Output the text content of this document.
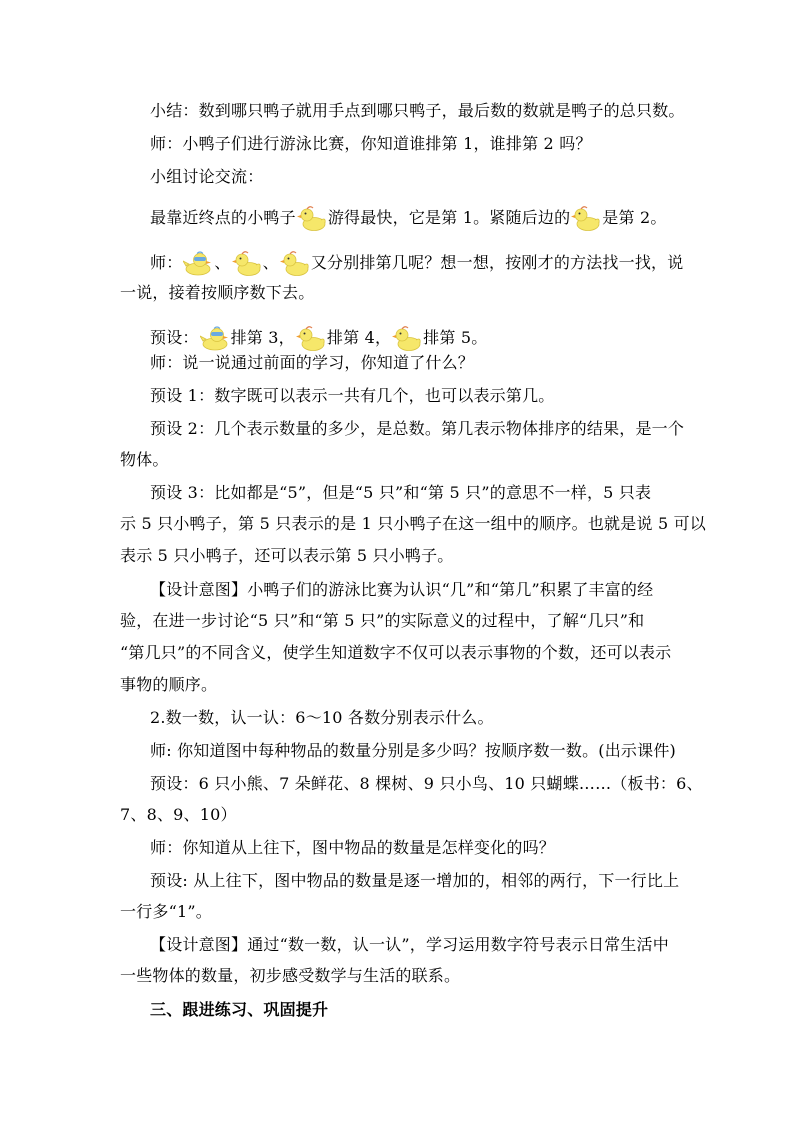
小结：数到哪只鸭子就用手点到哪只鸭子，最后数的数就是鸭子的总只数。
师：小鸭子们进行游泳比赛，你知道谁排第 1，谁排第 2 吗？
小组讨论交流：
最靠近终点的小鸭子 游得最快，它是第 1。紧随后边的 是第 2。
师： 、 、 又分别排第几呢？想一想，按刚才的方法找一找，说
一说，接着按顺序数下去。
预设： 排第 3， 排第 4， 排第 5。
师：说一说通过前面的学习，你知道了什么？
预设 1：数字既可以表示一共有几个，也可以表示第几。
预设 2：几个表示数量的多少，是总数。第几表示物体排序的结果，是一个
物体。
预设 3：比如都是“5”，但是“5 只”和“第 5 只”的意思不一样，5 只表
示 5 只小鸭子，第 5 只表示的是 1 只小鸭子在这一组中的顺序。也就是说 5 可以
表示 5 只小鸭子，还可以表示第 5 只小鸭子。
【设计意图】小鸭子们的游泳比赛为认识“几”和“第几”积累了丰富的经
验，在进一步讨论“5 只”和“第 5 只”的实际意义的过程中，了解“几只”和
“第几只”的不同含义，使学生知道数字不仅可以表示事物的个数，还可以表示
事物的顺序。
2.数一数，认一认：6～10 各数分别表示什么。
师: 你知道图中每种物品的数量分别是多少吗？按顺序数一数。(出示课件)
预设：6 只小熊、7 朵鲜花、8 棵树、9 只小鸟、10 只蝴蝶……（板书：6、
7、8、9、10）
师：你知道从上往下，图中物品的数量是怎样变化的吗？
预设: 从上往下，图中物品的数量是逐一增加的，相邻的两行，下一行比上
一行多“1”。
【设计意图】通过“数一数，认一认”，学习运用数字符号表示日常生活中
一些物体的数量，初步感受数学与生活的联系。
三、跟进练习、巩固提升
